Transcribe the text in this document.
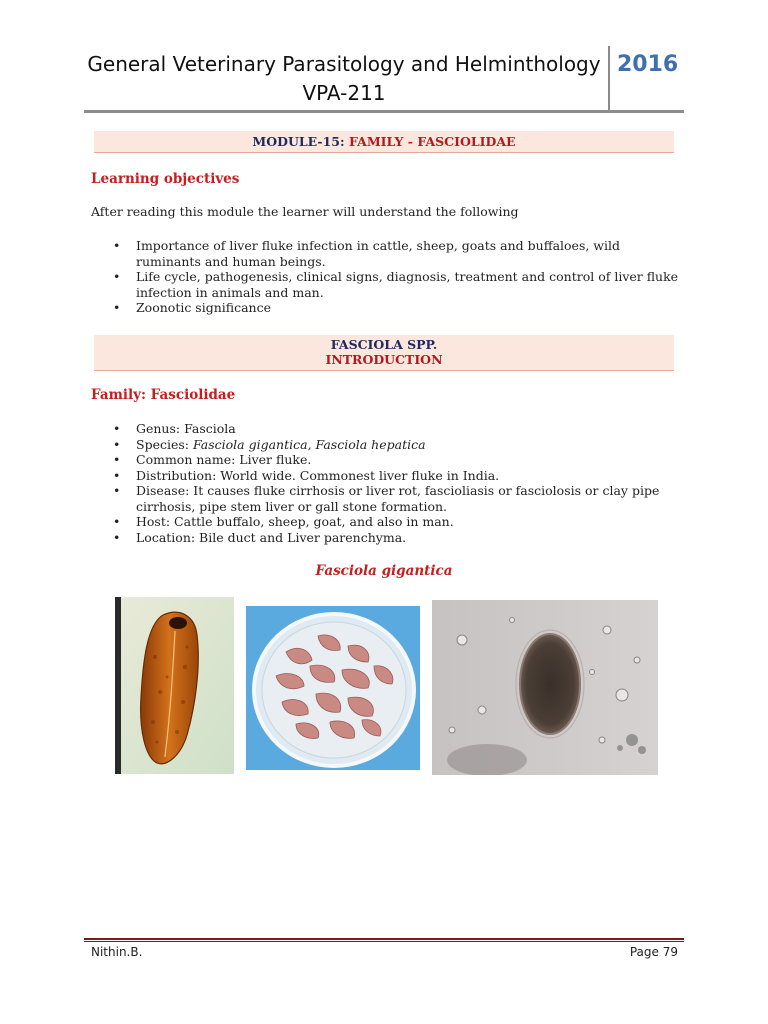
General Veterinary Parasitology and Helminthology
VPA-211
2016
MODULE-15: FAMILY - FASCIOLIDAE
Learning objectives
After reading this module the learner will understand the following
• Importance of liver fluke infection in cattle, sheep, goats and buffaloes, wild ruminants and human beings.
• Life cycle, pathogenesis, clinical signs, diagnosis, treatment and control of liver fluke infection in animals and man.
• Zoonotic significance
FASCIOLA SPP.
INTRODUCTION
Family: Fasciolidae
• Genus: Fasciola
• Species: Fasciola gigantica, Fasciola hepatica
• Common name: Liver fluke.
• Distribution: World wide. Commonest liver fluke in India.
• Disease: It causes fluke cirrhosis or liver rot, fascioliasis or fasciolosis or clay pipe cirrhosis, pipe stem liver or gall stone formation.
• Host: Cattle buffalo, sheep, goat, and also in man.
• Location: Bile duct and Liver parenchyma.
Fasciola gigantica
Nithin.B.	Page 79
